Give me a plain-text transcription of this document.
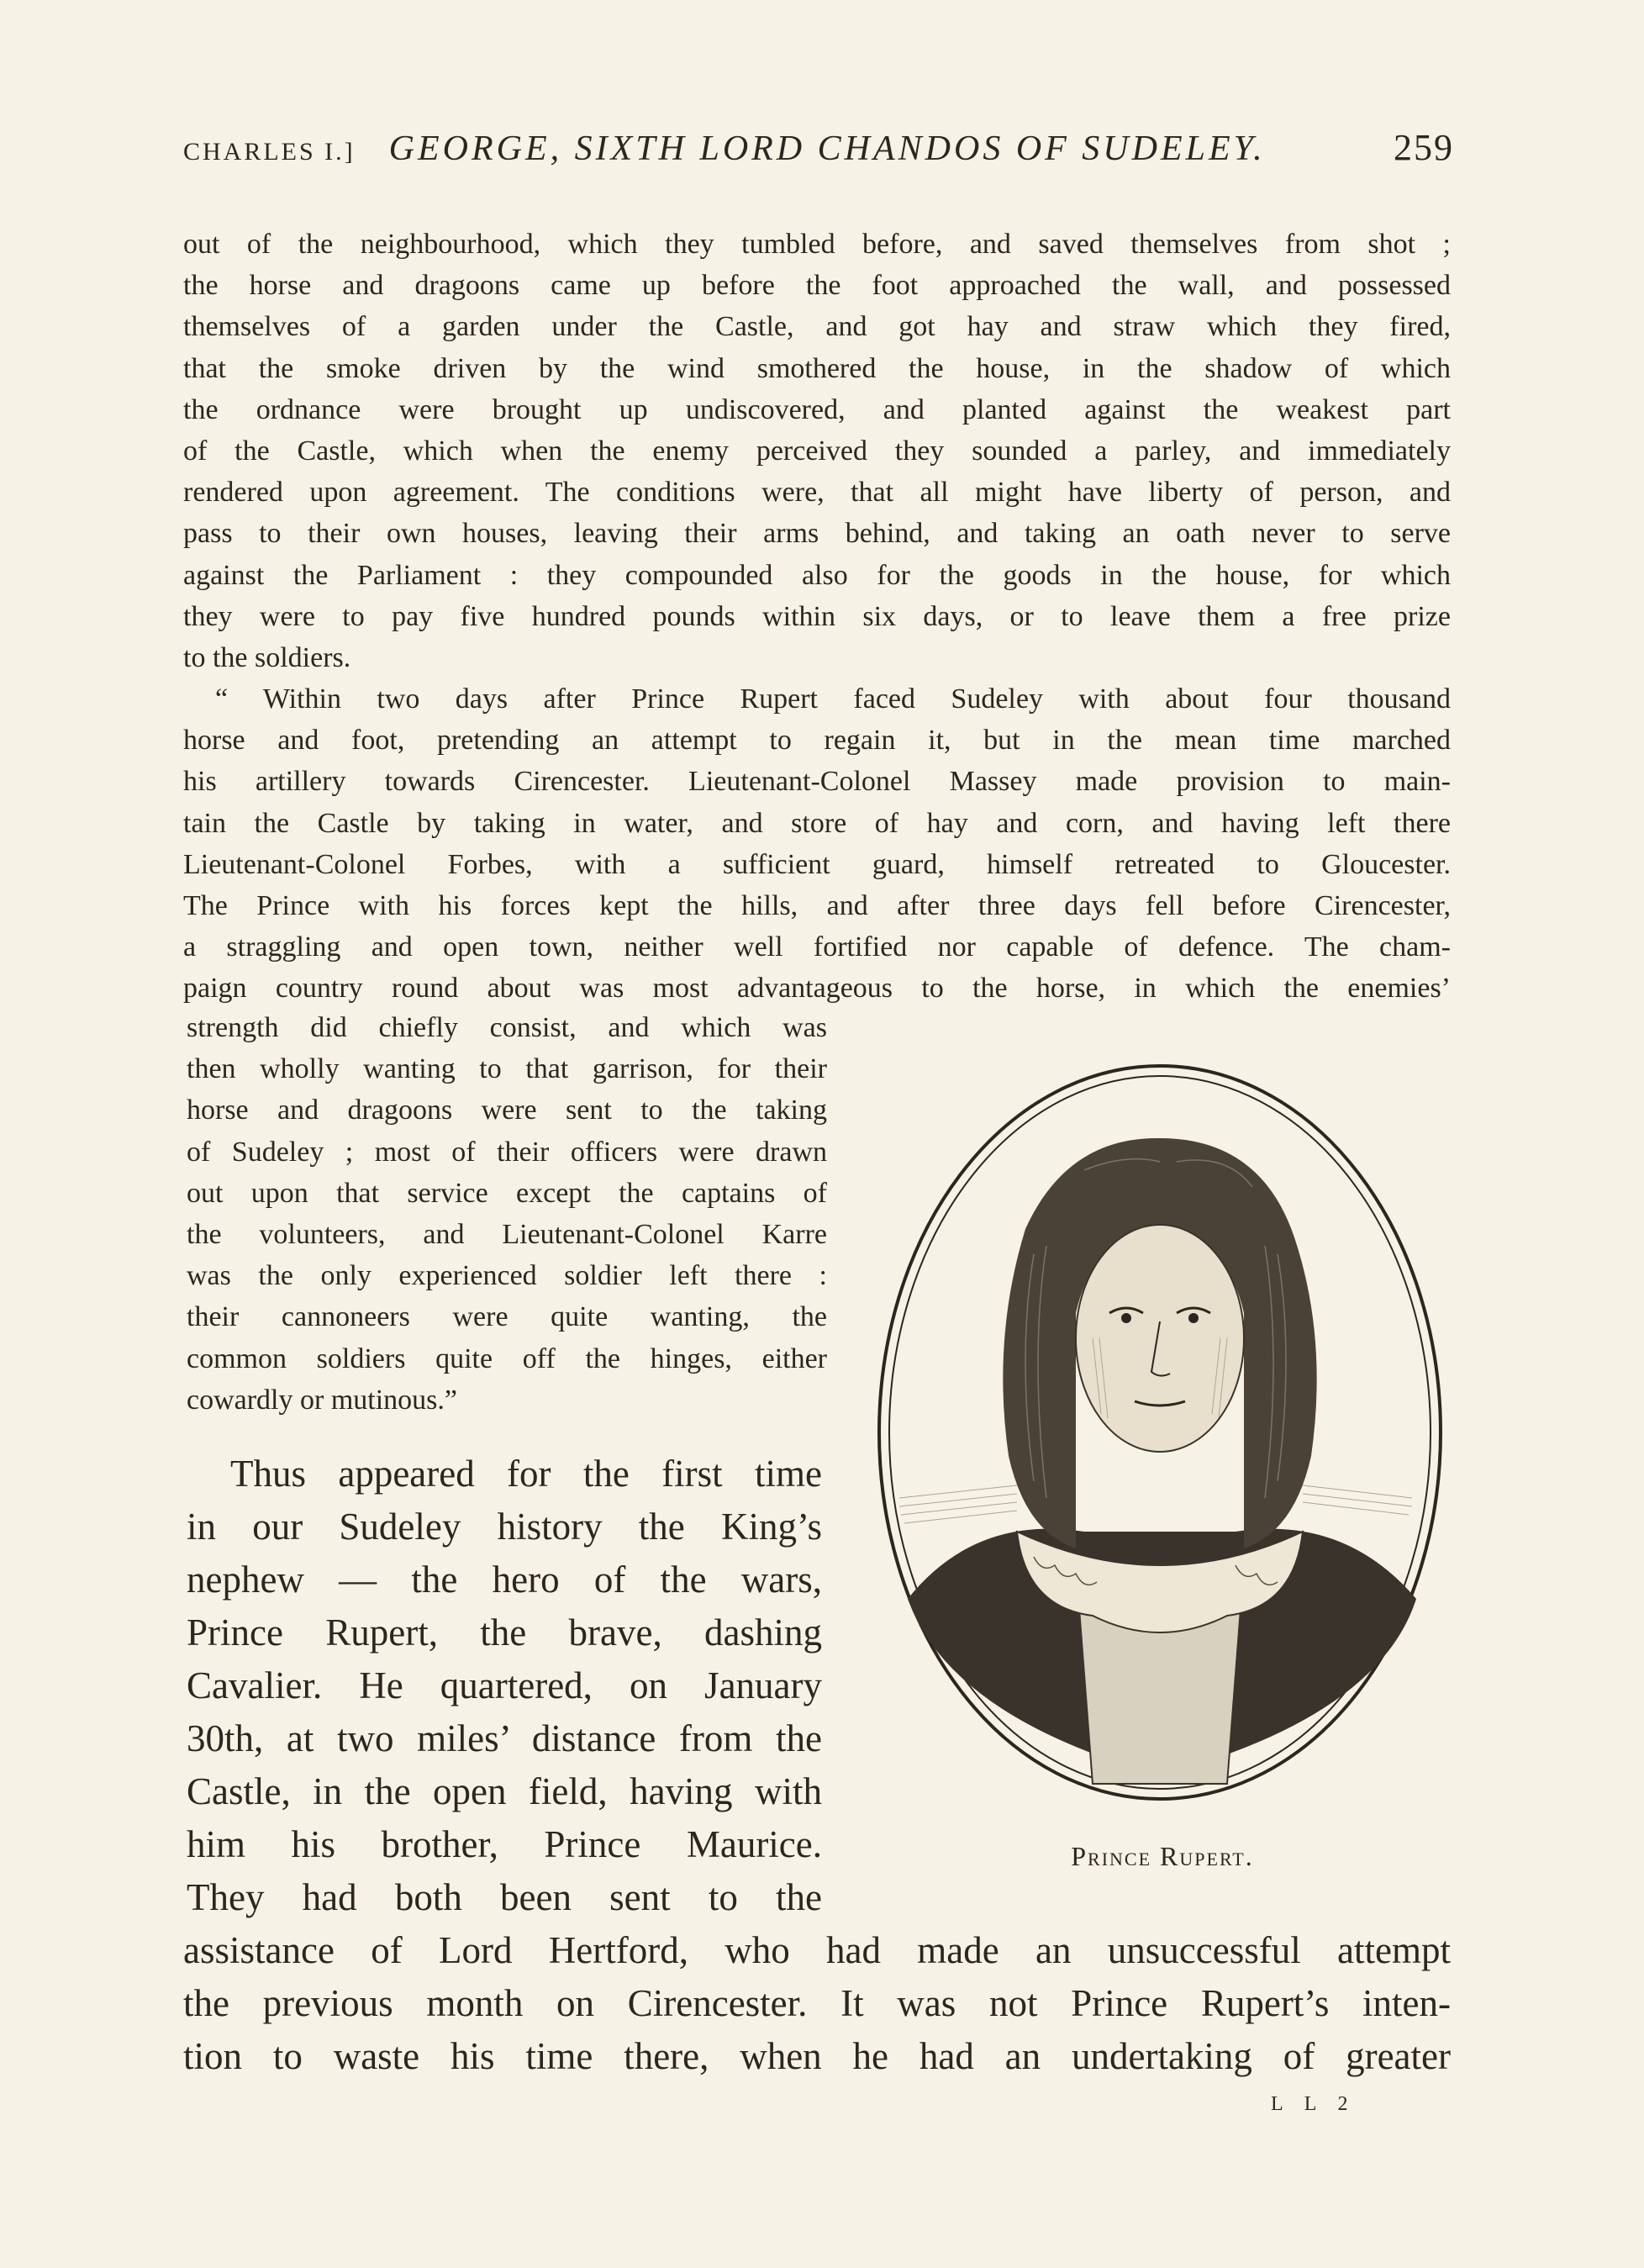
CHARLES I.] GEORGE, SIXTH LORD CHANDOS OF SUDELEY.	259
out of the neighbourhood, which they tumbled before, and saved themselves from shot ;
the horse and dragoons came up before the foot approached the wall, and possessed
themselves of a garden under the Castle, and got hay and straw which they fired,
that the smoke driven by the wind smothered the house, in the shadow of which
the ordnance were brought up undiscovered, and planted against the weakest part
of the Castle, which when the enemy perceived they sounded a parley, and immediately
rendered upon agreement. The conditions were, that all might have liberty of person, and
pass to their own houses, leaving their arms behind, and taking an oath never to serve
against the Parliament : they compounded also for the goods in the house, for which
they were to pay five hundred pounds within six days, or to leave them a free prize
to the soldiers.
“ Within two days after Prince Rupert faced Sudeley with about four thousand
horse and foot, pretending an attempt to regain it, but in the mean time marched
his artillery towards Cirencester. Lieutenant-Colonel Massey made provision to main-
tain the Castle by taking in water, and store of hay and corn, and having left there
Lieutenant-Colonel Forbes, with a sufficient guard, himself retreated to Gloucester.
The Prince with his forces kept the hills, and after three days fell before Cirencester,
a straggling and open town, neither well fortified nor capable of defence. The cham-
paign country round about was most advantageous to the horse, in which the enemies’
strength did chiefly consist, and which was
then wholly wanting to that garrison, for their
horse and dragoons were sent to the taking
of Sudeley ; most of their officers were drawn
out upon that service except the captains of
the volunteers, and Lieutenant-Colonel Karre
was the only experienced soldier left there :
their cannoneers were quite wanting, the
common soldiers quite off the hinges, either
cowardly or mutinous.”
Thus appeared for the first time
in our Sudeley history the King’s
nephew — the hero of the wars,
Prince Rupert, the brave, dashing
Cavalier. He quartered, on January
30th, at two miles’ distance from the
Castle, in the open field, having with
him his brother, Prince Maurice.
They had both been sent to the
assistance of Lord Hertford, who had made an unsuccessful attempt
the previous month on Cirencester. It was not Prince Rupert’s inten-
tion to waste his time there, when he had an undertaking of greater
Prince Rupert.
L L 2
